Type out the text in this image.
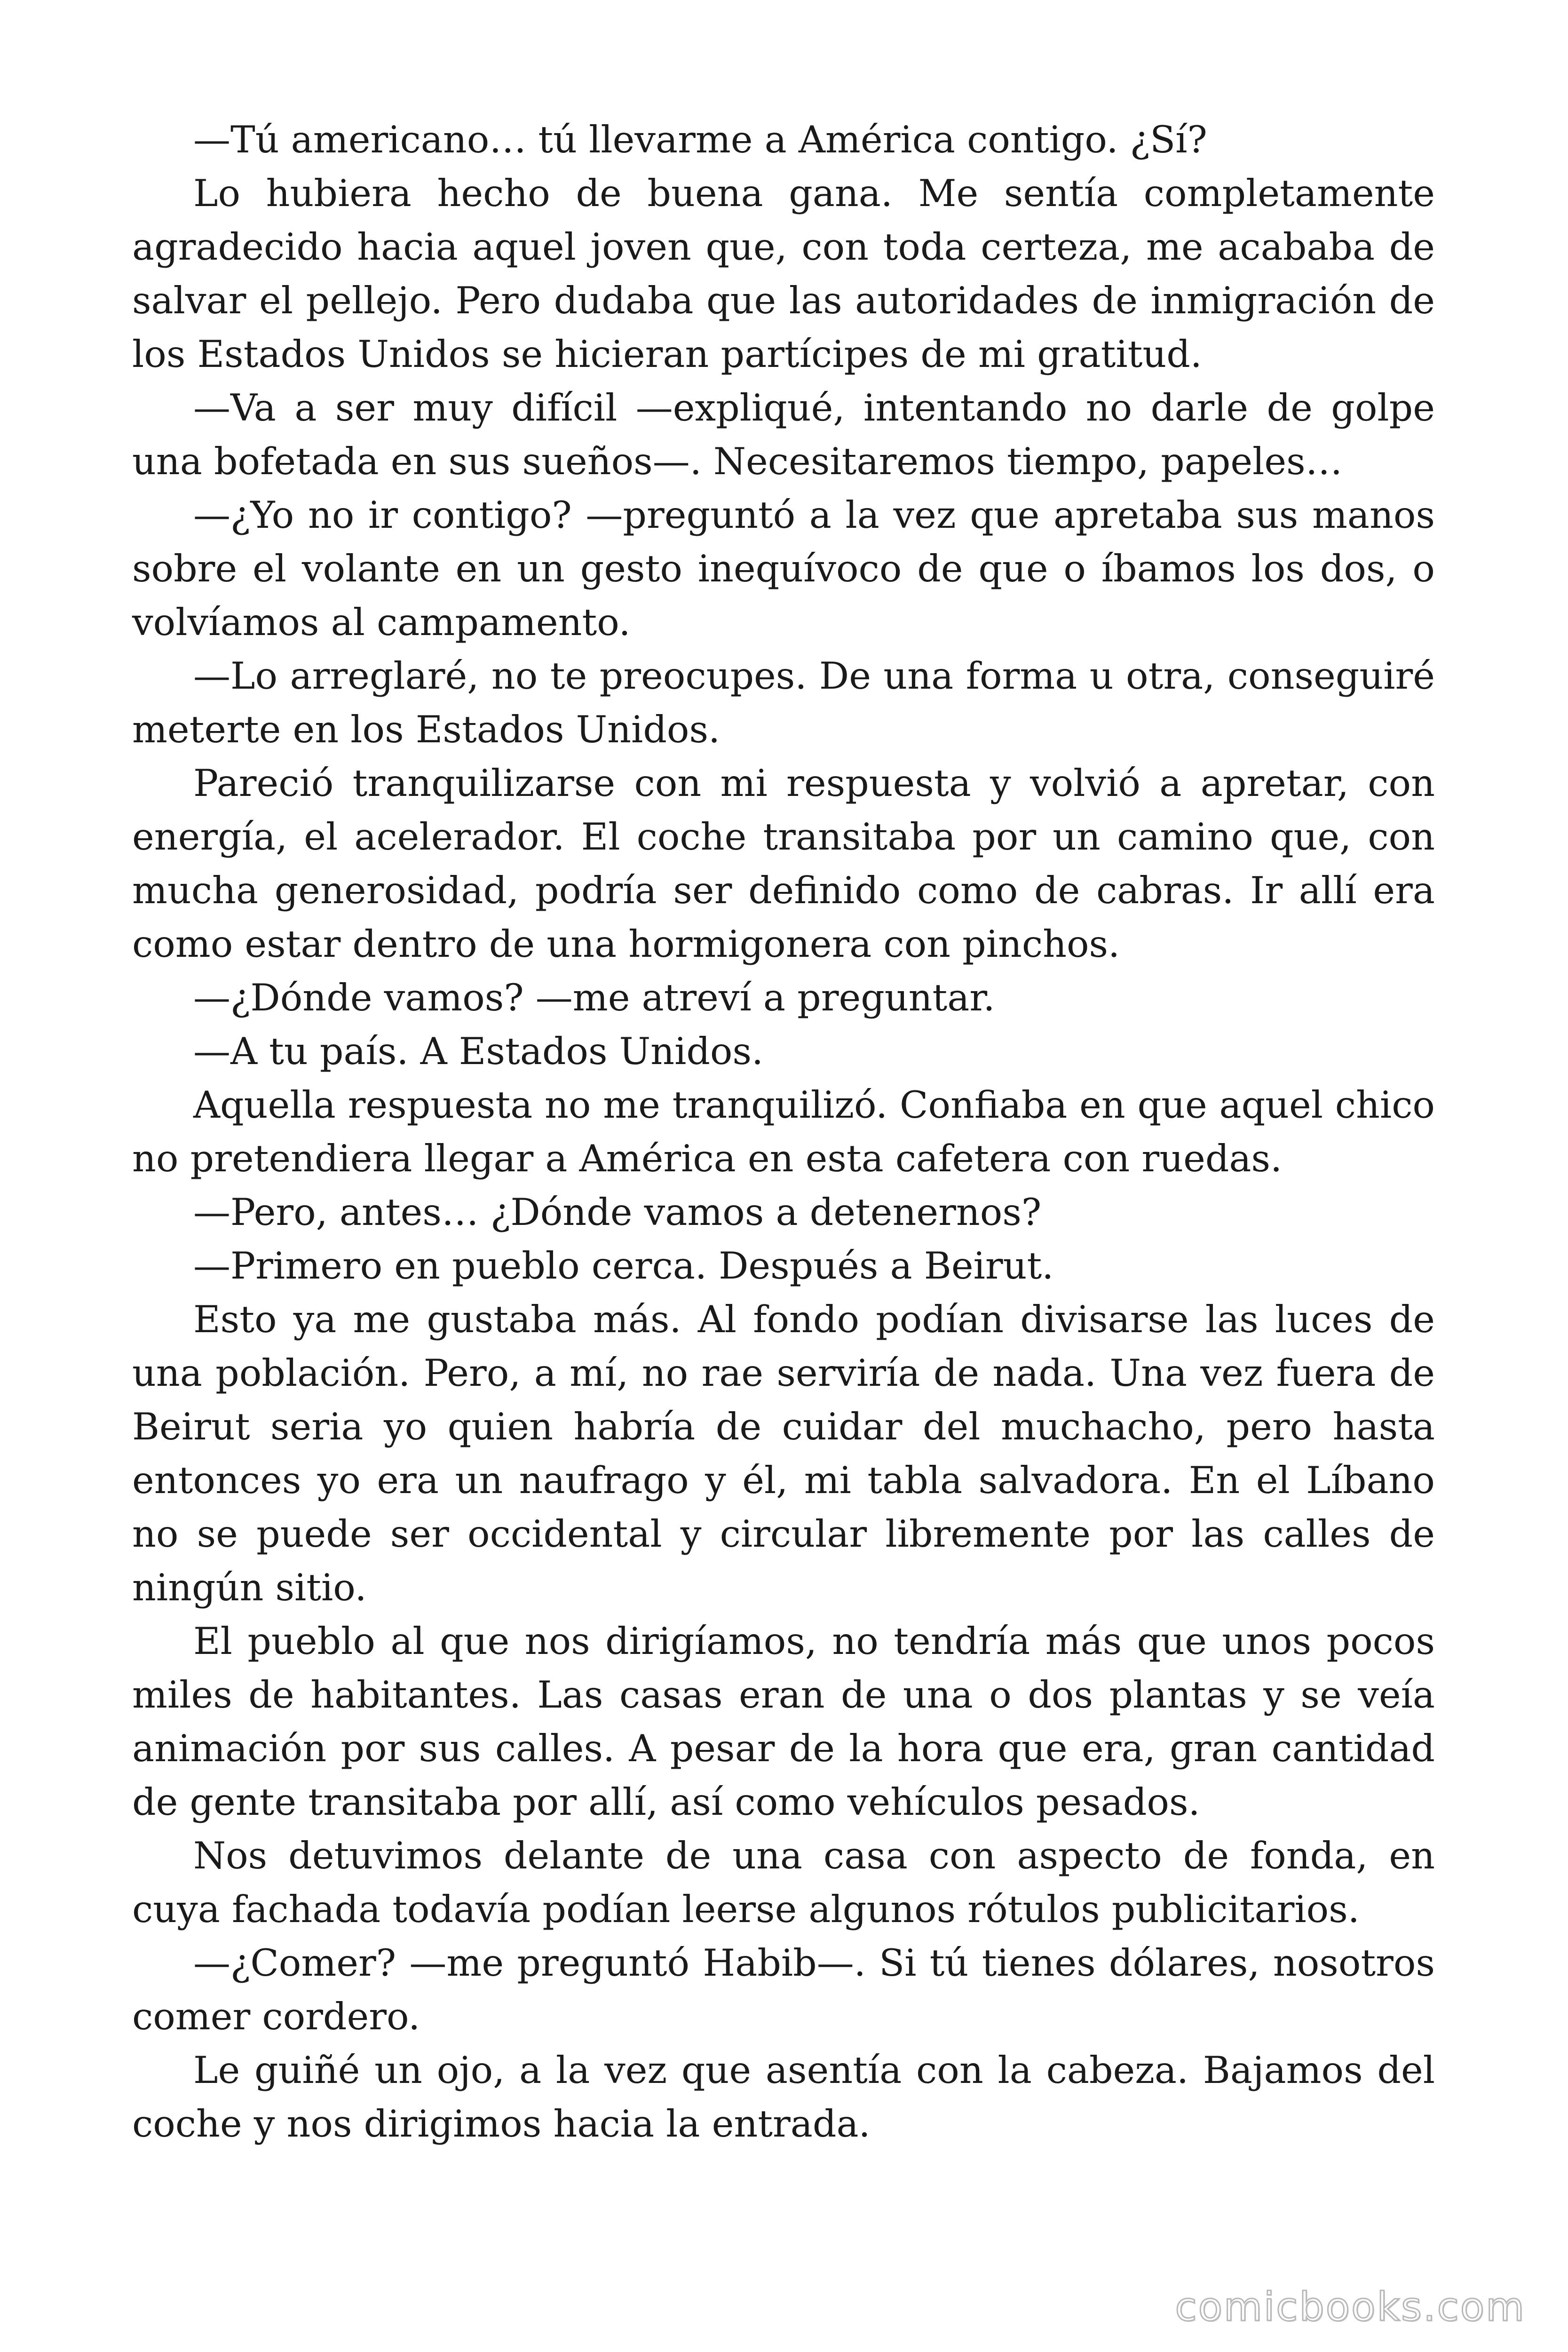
—Tú americano… tú llevarme a América contigo. ¿Sí?

Lo hubiera hecho de buena gana. Me sentía completamente agradecido hacia aquel joven que, con toda certeza, me acababa de salvar el pellejo. Pero dudaba que las autoridades de inmigración de los Estados Unidos se hicieran partícipes de mi gratitud.

—Va a ser muy difícil —expliqué, intentando no darle de golpe una bofetada en sus sueños—. Necesitaremos tiempo, papeles…

—¿Yo no ir contigo? —preguntó a la vez que apretaba sus manos sobre el volante en un gesto inequívoco de que o íbamos los dos, o volvíamos al campamento.

—Lo arreglaré, no te preocupes. De una forma u otra, conseguiré meterte en los Estados Unidos.

Pareció tranquilizarse con mi respuesta y volvió a apretar, con energía, el acelerador. El coche transitaba por un camino que, con mucha generosidad, podría ser definido como de cabras. Ir allí era como estar dentro de una hormigonera con pinchos.

—¿Dónde vamos? —me atreví a preguntar.

—A tu país. A Estados Unidos.

Aquella respuesta no me tranquilizó. Confiaba en que aquel chico no pretendiera llegar a América en esta cafetera con ruedas.

—Pero, antes… ¿Dónde vamos a detenernos?

—Primero en pueblo cerca. Después a Beirut.

Esto ya me gustaba más. Al fondo podían divisarse las luces de una población. Pero, a mí, no rae serviría de nada. Una vez fuera de Beirut seria yo quien habría de cuidar del muchacho, pero hasta entonces yo era un naufrago y él, mi tabla salvadora. En el Líbano no se puede ser occidental y circular libremente por las calles de ningún sitio.

El pueblo al que nos dirigíamos, no tendría más que unos pocos miles de habitantes. Las casas eran de una o dos plantas y se veía animación por sus calles. A pesar de la hora que era, gran cantidad de gente transitaba por allí, así como vehículos pesados.

Nos detuvimos delante de una casa con aspecto de fonda, en cuya fachada todavía podían leerse algunos rótulos publicitarios.

—¿Comer? —me preguntó Habib—. Si tú tienes dólares, nosotros comer cordero.

Le guiñé un ojo, a la vez que asentía con la cabeza. Bajamos del coche y nos dirigimos hacia la entrada.

comicbooks.com
